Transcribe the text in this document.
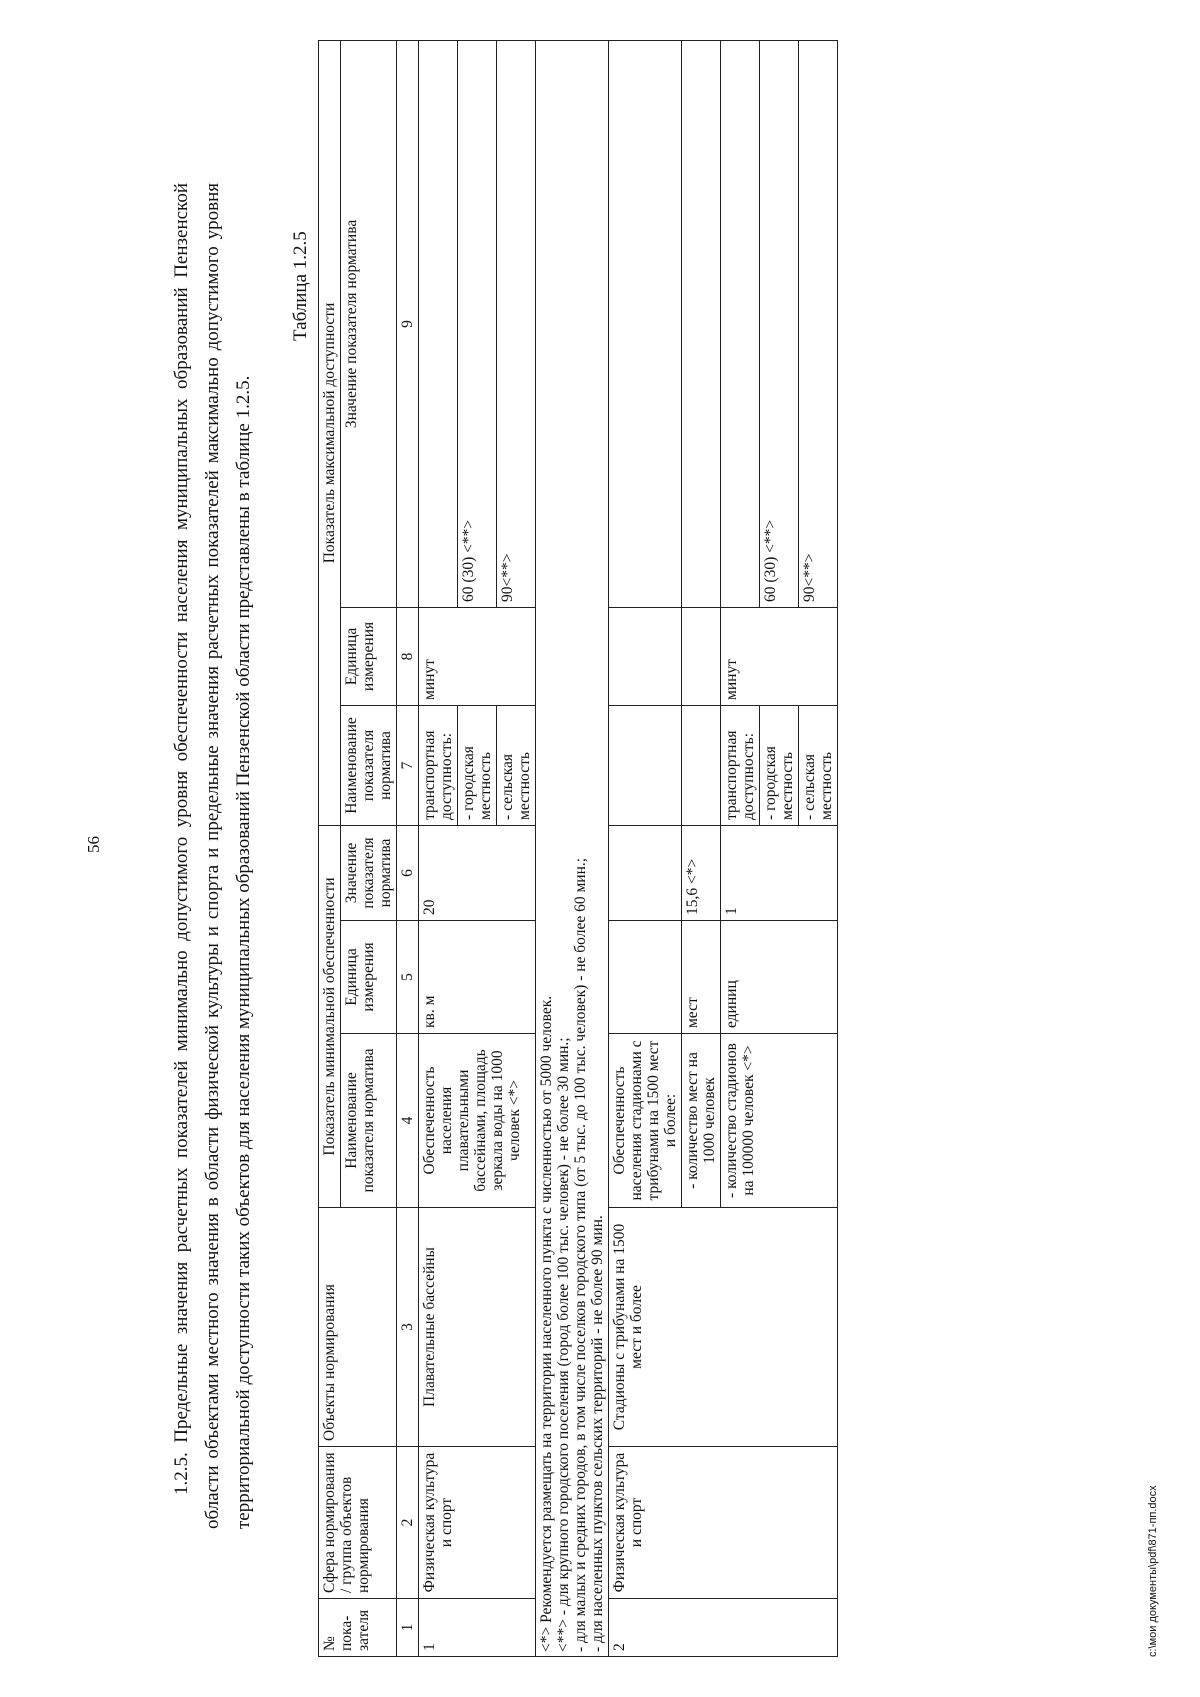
56	1.2.5. Предельные значения расчетных показателей минимально допустимого уровня обеспеченности населения муниципальных образований Пензенской области объектами местного значения в области физической культуры и спорта и предельные значения расчетных показателей максимально допустимого уровня территориальной доступности таких объектов для населения муниципальных образований Пензенской области представлены в таблице 1.2.5.

Таблица 1.2.5
№ пока-зателя	Сфера нормирования / группа объектов нормирования	Объекты нормирования	Показатель минимальной обеспеченности			Показатель максимальной доступности		
			Наименование показателя норматива	Единица измерения	Значение показателя норматива	Наименование показателя норматива	Единица измерения	Значение показателя норматива
1	2	3	4	5	6	7	8	9
1	Физическая культура и спорт	Плавательные бассейны	Обеспеченность населения плавательными бассейнами, площадь зеркала воды на 1000 человек <*>	кв. м	20	транспортная доступность:	минут	
						- городская местность		60 (30) <**>
						- сельская местность		90<**>

<*> Рекомендуется размещать на территории населенного пункта с численностью от 5000 человек. <**> - для крупного городского поселения (город более 100 тыс. человек) - не более 30 мин.; - для малых и средних городов, в том числе поселков городского типа (от 5 тыс. до 100 тыс. человек) - не более 60 мин.; - для населенных пунктов сельских территорий - не более 90 мин.								

2	Физическая культура и спорт	Стадионы с трибунами на 1500 мест и более	Обеспеченность населения стадионами с трибунами на 1500 мест и более:					
			- количество мест на 1000 человек	мест	15,6 <*>			
			- количество стадионов на 100000 человек <*>	единиц	1	транспортная доступность:	минут	
						- городская местность		60 (30) <**>
						- сельская местность		90<**>
c:\мои документы\pdf\871-пп.docx
